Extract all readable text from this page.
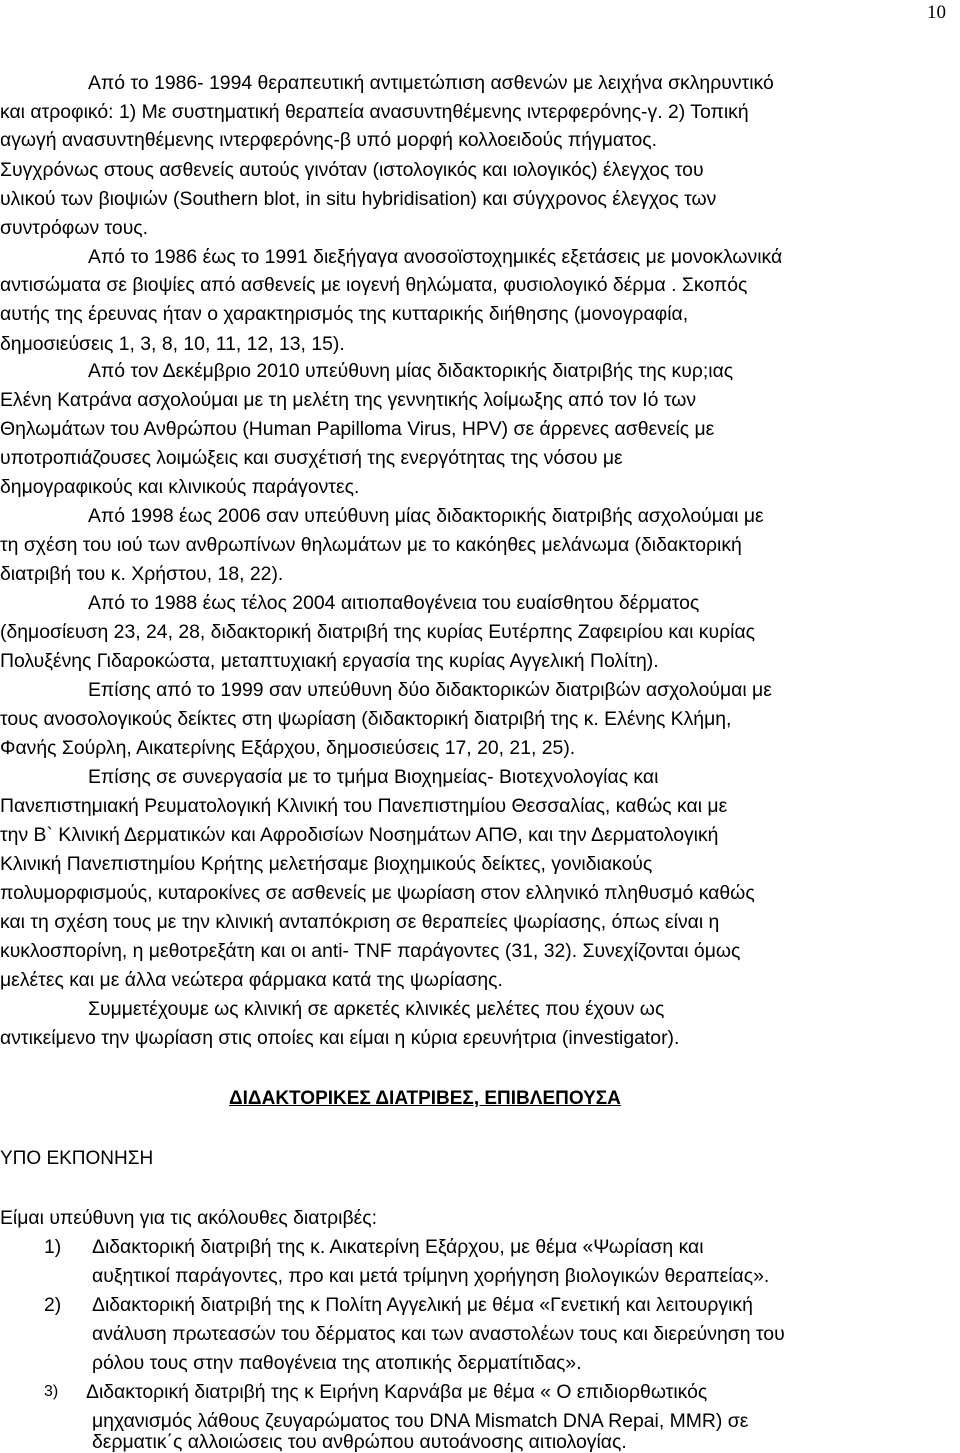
10
Από το 1986- 1994 θεραπευτική αντιμετώπιση ασθενών με λειχήνα σκληρυντικό
και ατροφικό: 1) Με συστηματική θεραπεία ανασυντηθέμενης ιντερφερόνης-γ. 2) Τοπική
αγωγή ανασυντηθέμενης ιντερφερόνης-β υπό μορφή κολλοειδούς πήγματος.
Συγχρόνως στους ασθενείς αυτούς γινόταν (ιστολογικός και ιολογικός) έλεγχος του
υλικού των βιοψιών (Southern blot, in situ hybridisation) και σύγχρονος έλεγχος των
συντρόφων τους.
Από το 1986 έως το 1991 διεξήγαγα ανοσοϊστοχημικές εξετάσεις με μονοκλωνικά
αντισώματα σε βιοψίες από ασθενείς με ιογενή θηλώματα, φυσιολογικό δέρμα . Σκοπός
αυτής της έρευνας ήταν ο χαρακτηρισμός της κυτταρικής διήθησης (μονογραφία,
δημοσιεύσεις 1, 3, 8, 10, 11, 12, 13, 15).
Από τον Δεκέμβριο 2010 υπεύθυνη μίας διδακτορικής διατριβής της κυρ;ιας
Ελένη Κατράνα ασχολούμαι με τη μελέτη της γεννητικής λοίμωξης από τον Ιό των
Θηλωμάτων του Ανθρώπου (Human Papilloma Virus, HPV) σε άρρενες ασθενείς με
υποτροπιάζουσες λοιμώξεις και συσχέτισή της ενεργότητας της νόσου με
δημογραφικούς και κλινικούς παράγοντες.
Από 1998 έως 2006 σαν υπεύθυνη μίας διδακτορικής διατριβής ασχολούμαι με
τη σχέση του ιού των ανθρωπίνων θηλωμάτων με το κακόηθες μελάνωμα (διδακτορική
διατριβή του κ. Χρήστου, 18, 22).
Από το 1988 έως τέλος 2004 αιτιοπαθογένεια του ευαίσθητου δέρματος
(δημοσίευση 23, 24, 28, διδακτορική διατριβή της κυρίας Ευτέρπης Ζαφειρίου και κυρίας
Πολυξένης Γιδαροκώστα, μεταπτυχιακή εργασία της κυρίας Αγγελική Πολίτη).
Επίσης από το 1999 σαν υπεύθυνη δύο διδακτορικών διατριβών ασχολούμαι με
τους ανοσολογικούς δείκτες στη ψωρίαση (διδακτορική διατριβή της κ. Ελένης Κλήμη,
Φανής Σούρλη, Αικατερίνης Εξάρχου, δημοσιεύσεις 17, 20, 21, 25).
Επίσης σε συνεργασία με το τμήμα Βιοχημείας- Βιοτεχνολογίας και
Πανεπιστημιακή Ρευματολογική Κλινική του Πανεπιστημίου Θεσσαλίας, καθώς και με
την Β` Κλινική Δερματικών και Αφροδισίων Νοσημάτων ΑΠΘ, και την Δερματολογική
Κλινική Πανεπιστημίου Κρήτης μελετήσαμε βιοχημικούς δείκτες, γονιδιακούς
πολυμορφισμούς, κυταροκίνες σε ασθενείς με ψωρίαση στον ελληνικό πληθυσμό καθώς
και τη σχέση τους με την κλινική ανταπόκριση σε θεραπείες ψωρίασης, όπως είναι η
κυκλοσπορίνη, η μεθοτρεξάτη και οι anti- TNF παράγοντες (31, 32). Συνεχίζονται όμως
μελέτες και με άλλα νεώτερα φάρμακα κατά της ψωρίασης.
Συμμετέχουμε ως κλινική σε αρκετές κλινικές μελέτες που έχουν ως
αντικείμενο την ψωρίαση στις οποίες και είμαι η κύρια ερευνήτρια (investigator).
ΔΙΔΑΚΤΟΡΙΚΕΣ ΔΙΑΤΡΙΒΕΣ, ΕΠΙΒΛΕΠΟΥΣΑ
ΥΠΟ ΕΚΠΟΝΗΣΗ
Είμαι υπεύθυνη για τις ακόλουθες διατριβές:
1) Διδακτορική διατριβή της κ. Αικατερίνη Εξάρχου, με θέμα «Ψωρίαση και
αυξητικοί παράγοντες, προ και μετά τρίμηνη χορήγηση βιολογικών θεραπείας».
2) Διδακτορική διατριβή της κ Πολίτη Αγγελική με θέμα «Γενετική και λειτουργική
ανάλυση πρωτεασών του δέρματος και των αναστολέων τους και διερεύνηση του
ρόλου τους στην παθογένεια της ατοπικής δερματίτιδας».
3) Διδακτορική διατριβή της κ Ειρήνη Καρνάβα με θέμα « Ο επιδιορθωτικός
μηχανισμός λάθους ζευγαρώματος του DNA Mismatch DNA Repai, MMR) σε
δερματικ΄ς αλλοιώσεις του ανθρώπου αυτοάνοσης αιτιολογίας.
